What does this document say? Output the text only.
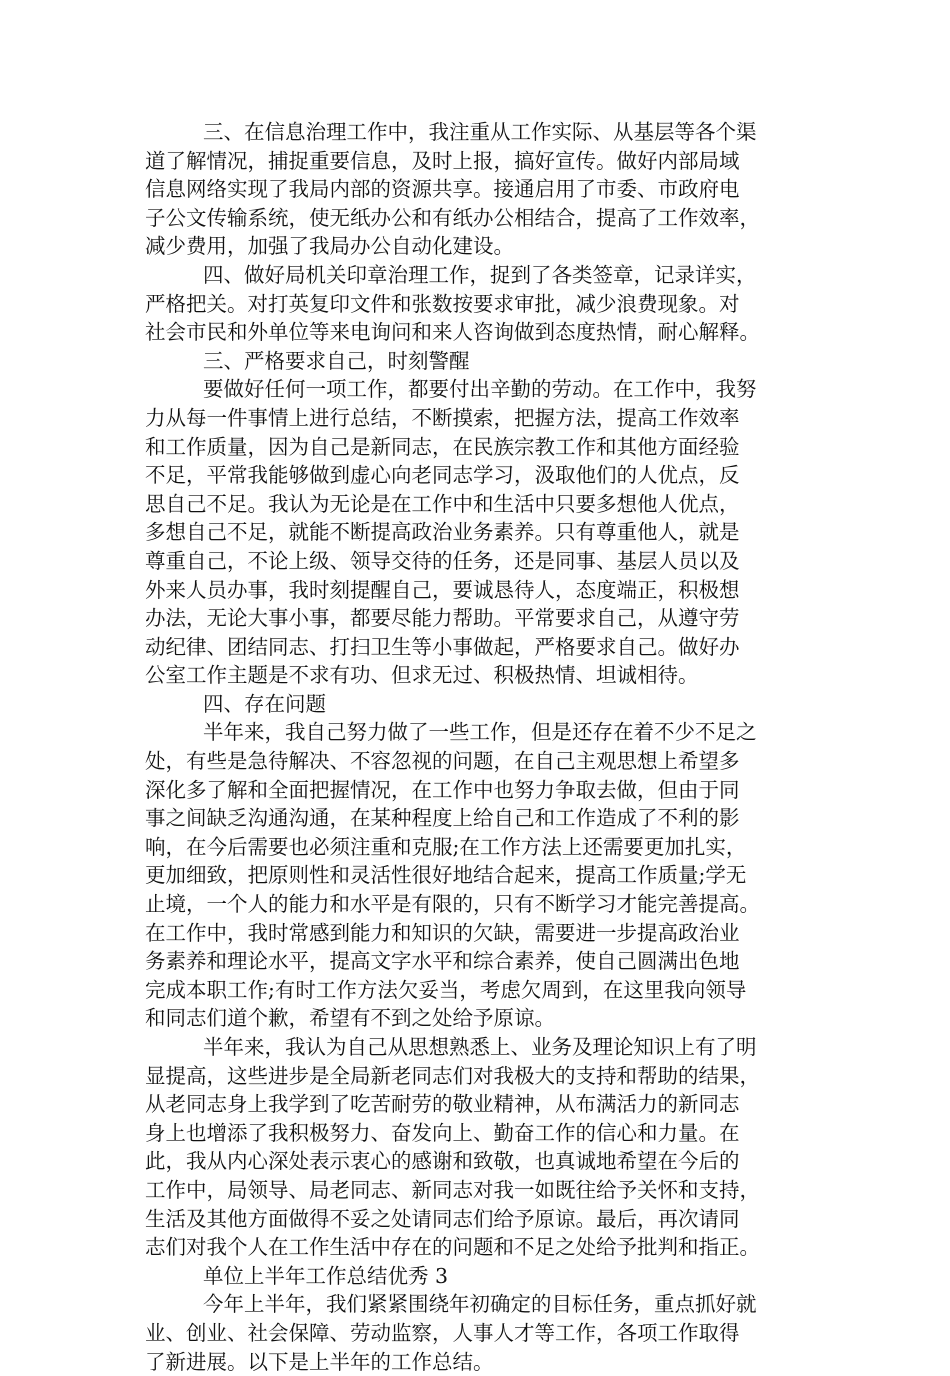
三、在信息治理工作中，我注重从工作实际、从基层等各个渠
道了解情况，捕捉重要信息，及时上报，搞好宣传。做好内部局域
信息网络实现了我局内部的资源共享。接通启用了市委、市政府电
子公文传输系统，使无纸办公和有纸办公相结合，提高了工作效率，
减少费用，加强了我局办公自动化建设。
四、做好局机关印章治理工作，捉到了各类签章，记录详实，
严格把关。对打英复印文件和张数按要求审批，减少浪费现象。对
社会市民和外单位等来电询问和来人咨询做到态度热情，耐心解释。
三、严格要求自己，时刻警醒
要做好任何一项工作，都要付出辛勤的劳动。在工作中，我努
力从每一件事情上进行总结，不断摸索，把握方法，提高工作效率
和工作质量，因为自己是新同志，在民族宗教工作和其他方面经验
不足，平常我能够做到虚心向老同志学习，汲取他们的人优点，反
思自己不足。我认为无论是在工作中和生活中只要多想他人优点，
多想自己不足，就能不断提高政治业务素养。只有尊重他人，就是
尊重自己，不论上级、领导交待的任务，还是同事、基层人员以及
外来人员办事，我时刻提醒自己，要诚恳待人，态度端正，积极想
办法，无论大事小事，都要尽能力帮助。平常要求自己，从遵守劳
动纪律、团结同志、打扫卫生等小事做起，严格要求自己。做好办
公室工作主题是不求有功、但求无过、积极热情、坦诚相待。
四、存在问题
半年来，我自己努力做了一些工作，但是还存在着不少不足之
处，有些是急待解决、不容忽视的问题，在自己主观思想上希望多
深化多了解和全面把握情况，在工作中也努力争取去做，但由于同
事之间缺乏沟通沟通，在某种程度上给自己和工作造成了不利的影
响，在今后需要也必须注重和克服;在工作方法上还需要更加扎实，
更加细致，把原则性和灵活性很好地结合起来，提高工作质量;学无
止境，一个人的能力和水平是有限的，只有不断学习才能完善提高。
在工作中，我时常感到能力和知识的欠缺，需要进一步提高政治业
务素养和理论水平，提高文字水平和综合素养，使自己圆满出色地
完成本职工作;有时工作方法欠妥当，考虑欠周到，在这里我向领导
和同志们道个歉，希望有不到之处给予原谅。
半年来，我认为自己从思想熟悉上、业务及理论知识上有了明
显提高，这些进步是全局新老同志们对我极大的支持和帮助的结果，
从老同志身上我学到了吃苦耐劳的敬业精神，从布满活力的新同志
身上也增添了我积极努力、奋发向上、勤奋工作的信心和力量。在
此，我从内心深处表示衷心的感谢和致敬，也真诚地希望在今后的
工作中，局领导、局老同志、新同志对我一如既往给予关怀和支持，
生活及其他方面做得不妥之处请同志们给予原谅。最后，再次请同
志们对我个人在工作生活中存在的问题和不足之处给予批判和指正。
单位上半年工作总结优秀 3
今年上半年，我们紧紧围绕年初确定的目标任务，重点抓好就
业、创业、社会保障、劳动监察，人事人才等工作，各项工作取得
了新进展。以下是上半年的工作总结。
